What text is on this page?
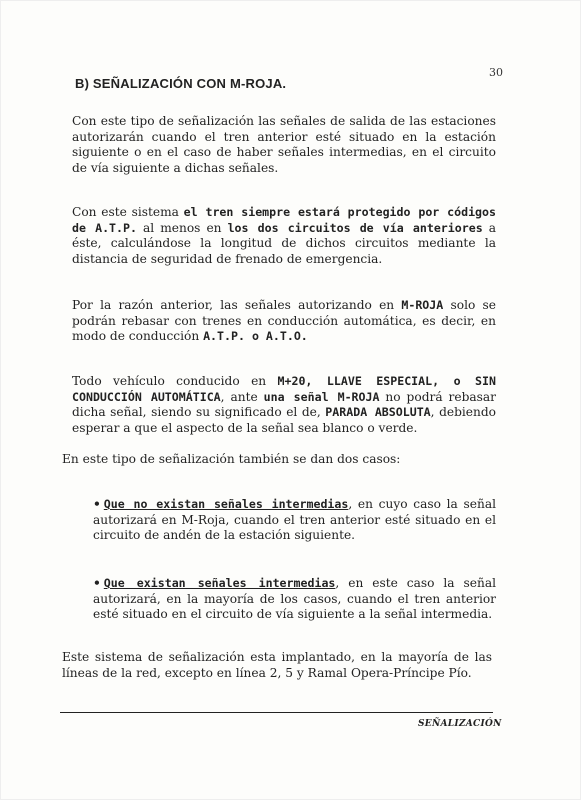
30
B) SEÑALIZACIÓN CON M-ROJA.

Con este tipo de señalización las señales de salida de las estaciones autorizarán cuando el tren anterior esté situado en la estación siguiente o en el caso de haber señales intermedias, en el circuito de vía siguiente a dichas señales.

Con este sistema el tren siempre estará protegido por códigos de A.T.P. al menos en los dos circuitos de vía anteriores a éste, calculándose la longitud de dichos circuitos mediante la distancia de seguridad de frenado de emergencia.

Por la razón anterior, las señales autorizando en M-ROJA solo se podrán rebasar con trenes en conducción automática, es decir, en modo de conducción A.T.P. o A.T.O.

Todo vehículo conducido en M+20, LLAVE ESPECIAL, o SIN CONDUCCIÓN AUTOMÁTICA, ante una señal M-ROJA no podrá rebasar dicha señal, siendo su significado el de, PARADA ABSOLUTA, debiendo esperar a que el aspecto de la señal sea blanco o verde.

En este tipo de señalización también se dan dos casos:

• Que no existan señales intermedias, en cuyo caso la señal autorizará en M-Roja, cuando el tren anterior esté situado en el circuito de andén de la estación siguiente.

• Que existan señales intermedias, en este caso la señal autorizará, en la mayoría de los casos, cuando el tren anterior esté situado en el circuito de vía siguiente a la señal intermedia.

Este sistema de señalización esta implantado, en la mayoría de las líneas de la red, excepto en línea 2, 5 y Ramal Opera-Príncipe Pío.

SEÑALIZACIÓN
